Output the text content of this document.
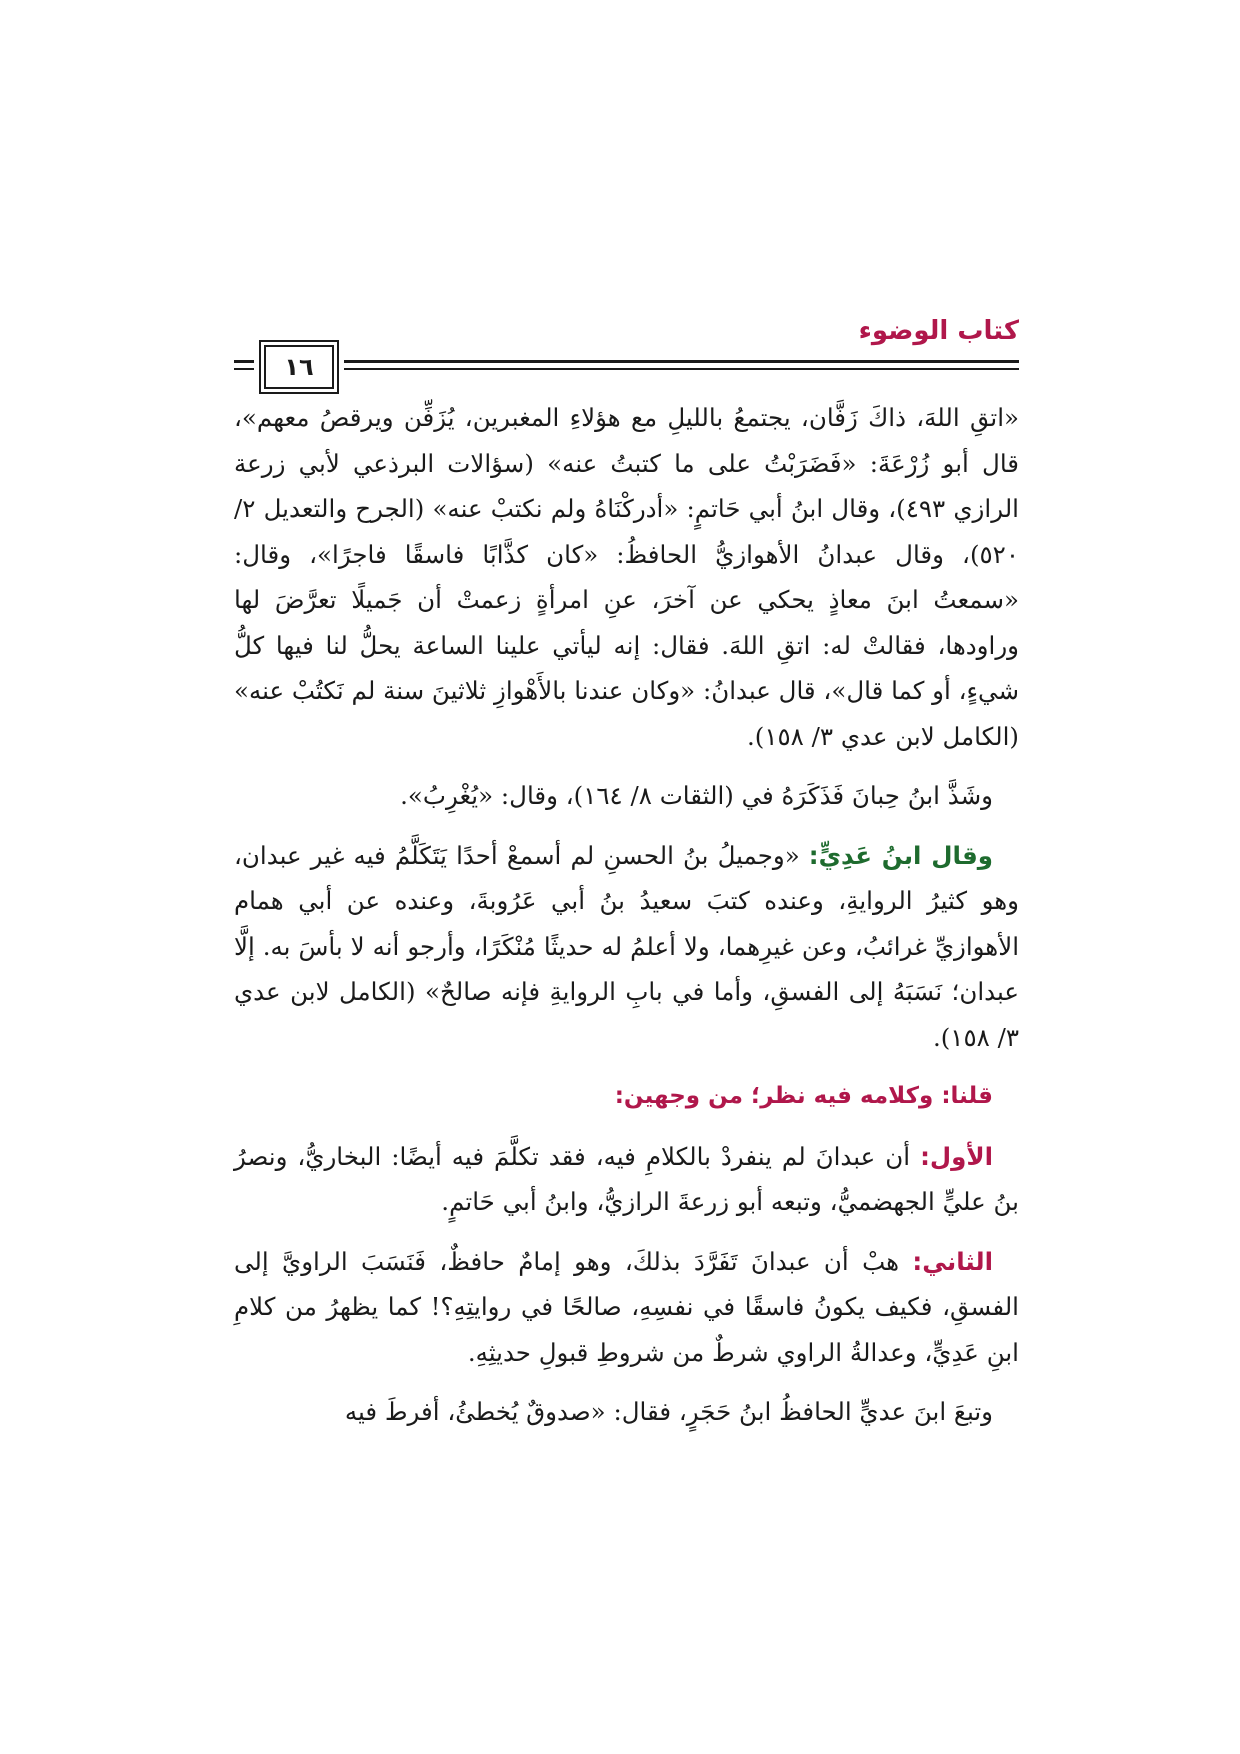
كتاب الوضوء
١٦

«اتقِ اللهَ، ذاكَ زَفَّان، يجتمعُ بالليلِ مع هؤلاءِ المغبرين، يُزَفِّن ويرقصُ معهم»، قال أبو زُرْعَةَ: «فَضَرَبْتُ على ما كتبتُ عنه» (سؤالات البرذعي لأبي زرعة الرازي ٤٩٣)، وقال ابنُ أبي حَاتمٍ: «أدركْنَاهُ ولم نكتبْ عنه» (الجرح والتعديل ٢/ ٥٢٠)، وقال عبدانُ الأهوازيُّ الحافظُ: «كان كذَّابًا فاسقًا فاجرًا»، وقال: «سمعتُ ابنَ معاذٍ يحكي عن آخرَ، عنِ امرأةٍ زعمتْ أن جَميلًا تعرَّضَ لها وراودها، فقالتْ له: اتقِ اللهَ. فقال: إنه ليأتي علينا الساعة يحلُّ لنا فيها كلُّ شيءٍ، أو كما قال»، قال عبدانُ: «وكان عندنا بالأَهْوازِ ثلاثينَ سنة لم نَكتُبْ عنه» (الكامل لابن عدي ٣/ ١٥٨).

وشَذَّ ابنُ حِبانَ فَذَكَرَهُ في (الثقات ٨/ ١٦٤)، وقال: «يُغْرِبُ».

وقال ابنُ عَدِيٍّ: «وجميلُ بنُ الحسنِ لم أسمعْ أحدًا يَتَكَلَّمُ فيه غير عبدان، وهو كثيرُ الروايةِ، وعنده كتبَ سعيدُ بنُ أبي عَرُوبةَ، وعنده عن أبي همام الأهوازيِّ غرائبُ، وعن غيرِهما، ولا أعلمُ له حديثًا مُنْكَرًا، وأرجو أنه لا بأسَ به. إلَّا عبدان؛ نَسَبَهُ إلى الفسقِ، وأما في بابِ الروايةِ فإنه صالحٌ» (الكامل لابن عدي ٣/ ١٥٨).

قلنا: وكلامه فيه نظر؛ من وجهين:

الأول: أن عبدانَ لم ينفردْ بالكلامِ فيه، فقد تكلَّمَ فيه أيضًا: البخاريُّ، ونصرُ بنُ عليٍّ الجهضميُّ، وتبعه أبو زرعةَ الرازيُّ، وابنُ أبي حَاتمٍ.

الثاني: هبْ أن عبدانَ تَفَرَّدَ بذلكَ، وهو إمامٌ حافظٌ، فَنَسَبَ الراويَّ إلى الفسقِ، فكيف يكونُ فاسقًا في نفسِهِ، صالحًا في روايتِهِ؟! كما يظهرُ من كلامِ ابنِ عَدِيٍّ، وعدالةُ الراوي شرطٌ من شروطِ قبولِ حديثِهِ.

وتبعَ ابنَ عديٍّ الحافظُ ابنُ حَجَرٍ، فقال: «صدوقٌ يُخطئُ، أفرطَ فيه
